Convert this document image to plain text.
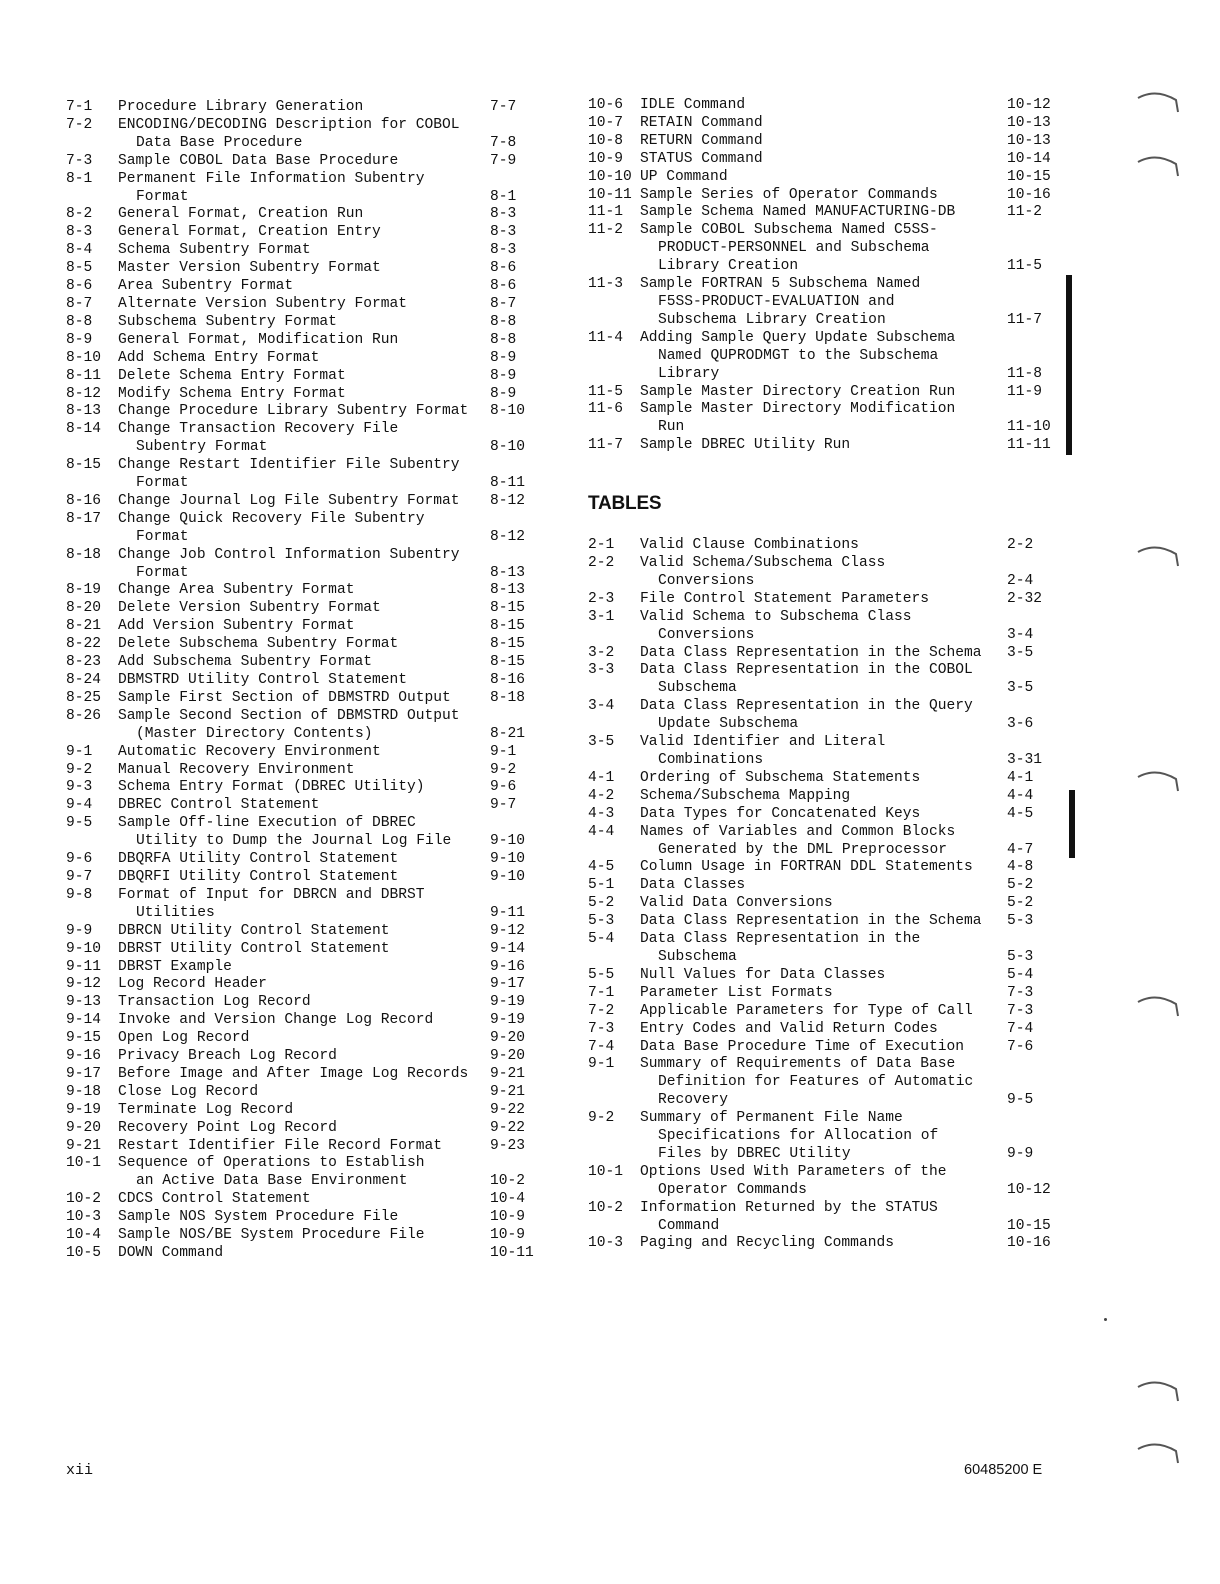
7-1	Procedure Library Generation	7-7
7-2	ENCODING/DECODING Description for COBOL
Data Base Procedure	7-8
7-3	Sample COBOL Data Base Procedure	7-9
8-1	Permanent File Information Subentry
Format	8-1
8-2	General Format, Creation Run	8-3
8-3	General Format, Creation Entry	8-3
8-4	Schema Subentry Format	8-3
8-5	Master Version Subentry Format	8-6
8-6	Area Subentry Format	8-6
8-7	Alternate Version Subentry Format	8-7
8-8	Subschema Subentry Format	8-8
8-9	General Format, Modification Run	8-8
8-10	Add Schema Entry Format	8-9
8-11	Delete Schema Entry Format	8-9
8-12	Modify Schema Entry Format	8-9
8-13	Change Procedure Library Subentry Format	8-10
8-14	Change Transaction Recovery File
Subentry Format	8-10
8-15	Change Restart Identifier File Subentry
Format	8-11
8-16	Change Journal Log File Subentry Format	8-12
8-17	Change Quick Recovery File Subentry
Format	8-12
8-18	Change Job Control Information Subentry
Format	8-13
8-19	Change Area Subentry Format	8-13
8-20	Delete Version Subentry Format	8-15
8-21	Add Version Subentry Format	8-15
8-22	Delete Subschema Subentry Format	8-15
8-23	Add Subschema Subentry Format	8-15
8-24	DBMSTRD Utility Control Statement	8-16
8-25	Sample First Section of DBMSTRD Output	8-18
8-26	Sample Second Section of DBMSTRD Output
(Master Directory Contents)	8-21
9-1	Automatic Recovery Environment	9-1
9-2	Manual Recovery Environment	9-2
9-3	Schema Entry Format (DBREC Utility)	9-6
9-4	DBREC Control Statement	9-7
9-5	Sample Off-line Execution of DBREC
Utility to Dump the Journal Log File	9-10
9-6	DBQRFA Utility Control Statement	9-10
9-7	DBQRFI Utility Control Statement	9-10
9-8	Format of Input for DBRCN and DBRST
Utilities	9-11
9-9	DBRCN Utility Control Statement	9-12
9-10	DBRST Utility Control Statement	9-14
9-11	DBRST Example	9-16
9-12	Log Record Header	9-17
9-13	Transaction Log Record	9-19
9-14	Invoke and Version Change Log Record	9-19
9-15	Open Log Record	9-20
9-16	Privacy Breach Log Record	9-20
9-17	Before Image and After Image Log Records	9-21
9-18	Close Log Record	9-21
9-19	Terminate Log Record	9-22
9-20	Recovery Point Log Record	9-22
9-21	Restart Identifier File Record Format	9-23
10-1	Sequence of Operations to Establish
an Active Data Base Environment	10-2
10-2	CDCS Control Statement	10-4
10-3	Sample NOS System Procedure File	10-9
10-4	Sample NOS/BE System Procedure File	10-9
10-5	DOWN Command	10-11
10-6	IDLE Command	10-12
10-7	RETAIN Command	10-13
10-8	RETURN Command	10-13
10-9	STATUS Command	10-14
10-10 UP Command	10-15
10-11 Sample Series of Operator Commands	10-16
11-1	Sample Schema Named MANUFACTURING-DB	11-2
11-2	Sample COBOL Subschema Named C5SS-
PRODUCT-PERSONNEL and Subschema
Library Creation	11-5
11-3	Sample FORTRAN 5 Subschema Named
F5SS-PRODUCT-EVALUATION and
Subschema Library Creation	11-7
11-4	Adding Sample Query Update Subschema
Named QUPRODMGT to the Subschema
Library	11-8
11-5	Sample Master Directory Creation Run	11-9
11-6	Sample Master Directory Modification
Run	11-10
11-7	Sample DBREC Utility Run	11-11
TABLES
2-1	Valid Clause Combinations	2-2
2-2	Valid Schema/Subschema Class
Conversions	2-4
2-3	File Control Statement Parameters	2-32
3-1	Valid Schema to Subschema Class
Conversions	3-4
3-2	Data Class Representation in the Schema	3-5
3-3	Data Class Representation in the COBOL
Subschema	3-5
3-4	Data Class Representation in the Query
Update Subschema	3-6
3-5	Valid Identifier and Literal
Combinations	3-31
4-1	Ordering of Subschema Statements	4-1
4-2	Schema/Subschema Mapping	4-4
4-3	Data Types for Concatenated Keys	4-5
4-4	Names of Variables and Common Blocks
Generated by the DML Preprocessor	4-7
4-5	Column Usage in FORTRAN DDL Statements	4-8
5-1	Data Classes	5-2
5-2	Valid Data Conversions	5-2
5-3	Data Class Representation in the Schema	5-3
5-4	Data Class Representation in the
Subschema	5-3
5-5	Null Values for Data Classes	5-4
7-1	Parameter List Formats	7-3
7-2	Applicable Parameters for Type of Call	7-3
7-3	Entry Codes and Valid Return Codes	7-4
7-4	Data Base Procedure Time of Execution	7-6
9-1	Summary of Requirements of Data Base
Definition for Features of Automatic
Recovery	9-5
9-2	Summary of Permanent File Name
Specifications for Allocation of
Files by DBREC Utility	9-9
10-1	Options Used With Parameters of the
Operator Commands	10-12
10-2	Information Returned by the STATUS
Command	10-15
10-3	Paging and Recycling Commands	10-16
xii	60485200 E
